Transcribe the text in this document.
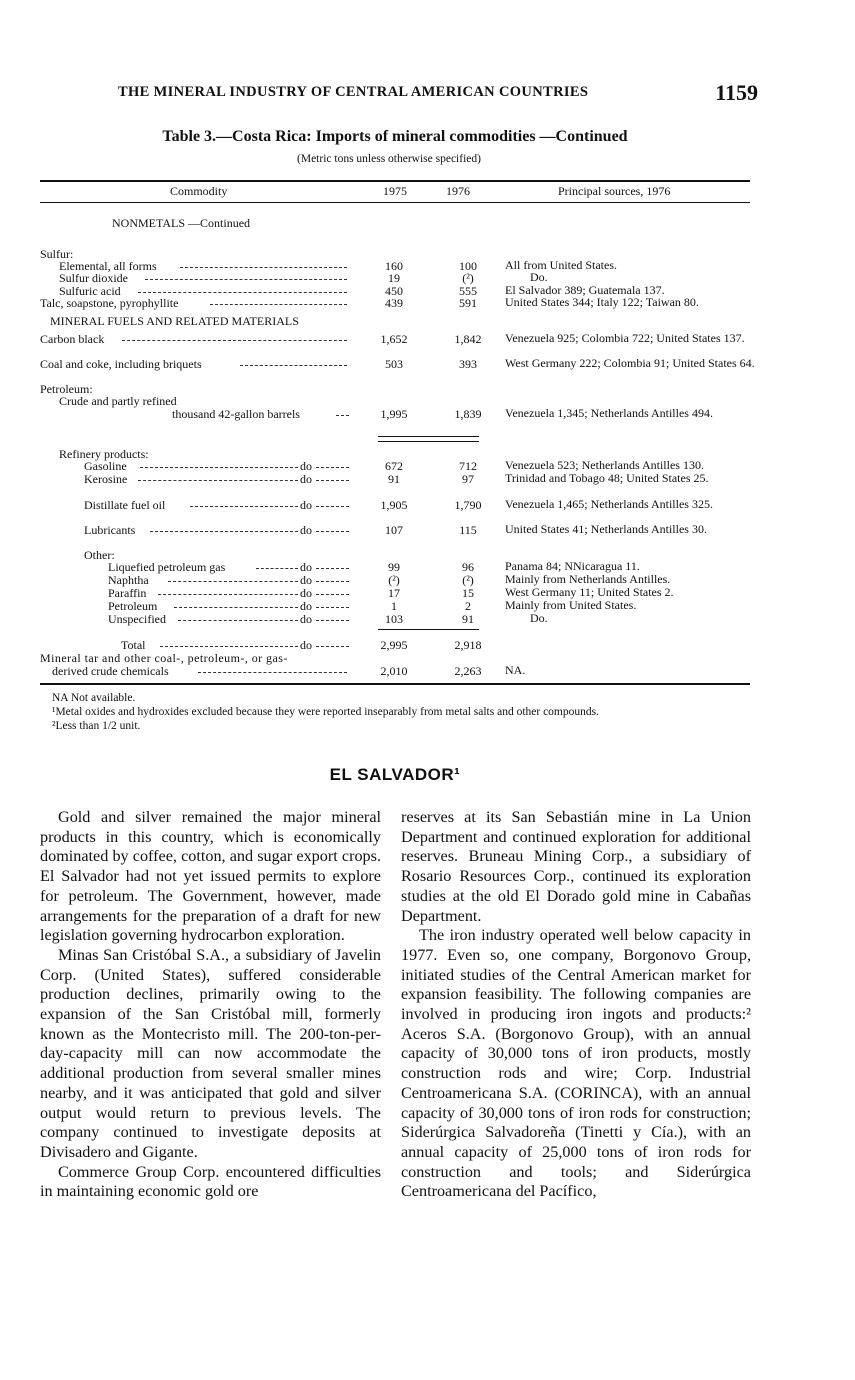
THE MINERAL INDUSTRY OF CENTRAL AMERICAN COUNTRIES	1159
Table 3.—Costa Rica: Imports of mineral commodities —Continued
(Metric tons unless otherwise specified)
Commodity	1975	1976	Principal sources, 1976
NONMETALS —Continued
Sulfur:
Elemental, all forms	160	100	All from United States.
Sulfur dioxide	19	(²)	Do.
Sulfuric acid	450	555	El Salvador 389; Guatemala 137.
Talc, soapstone, pyrophyllite	439	591	United States 344; Italy 122; Taiwan 80.
MINERAL FUELS AND RELATED MATERIALS
Carbon black	1,652	1,842	Venezuela 925; Colombia 722; United States 137.
Coal and coke, including briquets	503	393	West Germany 222; Colombia 91; United States 64.
Petroleum:
Crude and partly refined
thousand 42-gallon barrels	1,995	1,839	Venezuela 1,345; Netherlands Antilles 494.
Refinery products:
Gasoline	do	672	712	Venezuela 523; Netherlands Antilles 130.
Kerosine	do	91	97	Trinidad and Tobago 48; United States 25.
Distillate fuel oil	do	1,905	1,790	Venezuela 1,465; Netherlands Antilles 325.
Lubricants	do	107	115	United States 41; Netherlands Antilles 30.
Other:
Liquefied petroleum gas	do	99	96	Panama 84; NNicaragua 11.
Naphtha	do	(²)	(²)	Mainly from Netherlands Antilles.
Paraffin	do	17	15	West Germany 11; United States 2.
Petroleum	do	1	2	Mainly from United States.
Unspecified	do	103	91	Do.
Total	do	2,995	2,918
Mineral tar and other coal-, petroleum-, or gas-
derived crude chemicals	2,010	2,263	NA.
NA Not available.
¹Metal oxides and hydroxides excluded because they were reported inseparably from metal salts and other compounds.
²Less than 1/2 unit.
EL SALVADOR¹

Gold and silver remained the major mineral products in this country, which is economically dominated by coffee, cotton, and sugar export crops. El Salvador had not yet issued permits to explore for petroleum. The Government, however, made arrangements for the preparation of a draft for new legislation governing hydrocarbon exploration.

Minas San Cristóbal S.A., a subsidiary of Javelin Corp. (United States), suffered considerable production declines, primarily owing to the expansion of the San Cristóbal mill, formerly known as the Montecristo mill. The 200-ton-per-day-capacity mill can now accommodate the additional production from several smaller mines nearby, and it was anticipated that gold and silver output would return to previous levels. The company continued to investigate deposits at Divisadero and Gigante.

Commerce Group Corp. encountered difficulties in maintaining economic gold ore

reserves at its San Sebastián mine in La Union Department and continued exploration for additional reserves. Bruneau Mining Corp., a subsidiary of Rosario Resources Corp., continued its exploration studies at the old El Dorado gold mine in Cabañas Department.

The iron industry operated well below capacity in 1977. Even so, one company, Borgonovo Group, initiated studies of the Central American market for expansion feasibility. The following companies are involved in producing iron ingots and products:² Aceros S.A. (Borgonovo Group), with an annual capacity of 30,000 tons of iron products, mostly construction rods and wire; Corp. Industrial Centroamericana S.A. (CORINCA), with an annual capacity of 30,000 tons of iron rods for construction; Siderúrgica Salvadoreña (Tinetti y Cía.), with an annual capacity of 25,000 tons of iron rods for construction and tools; and Siderúrgica Centroamericana del Pacífico,
